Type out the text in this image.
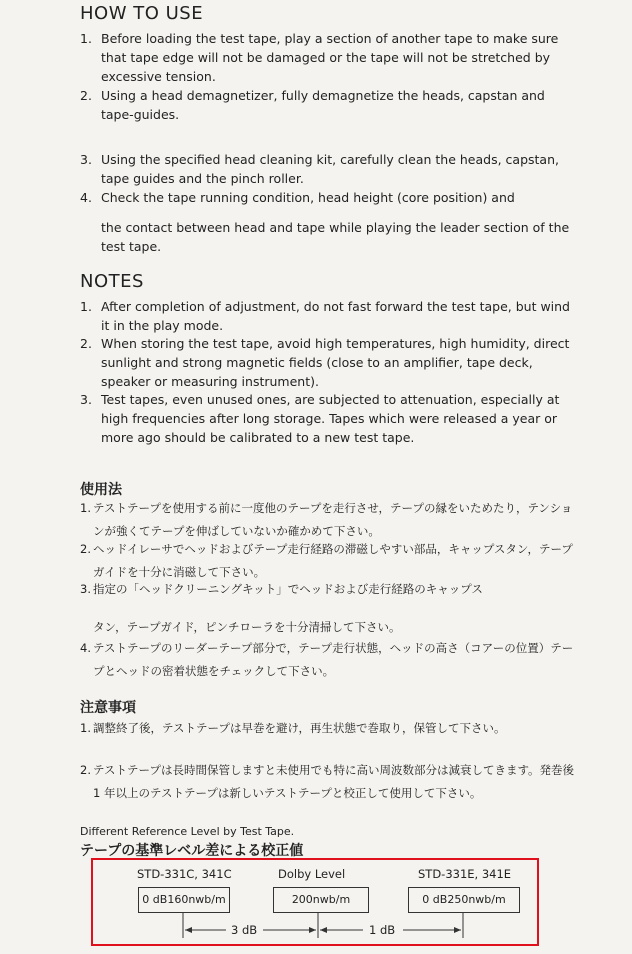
HOW TO USE
1. Before loading the test tape, play a section of another tape to make sure that tape edge will not be damaged or the tape will not be stretched by excessive tension.
2. Using a head demagnetizer, fully demagnetize the heads, capstan and tape-guides.
3. Using the specified head cleaning kit, carefully clean the heads, capstan, tape guides and the pinch roller.
4. Check the tape running condition, head height (core position) and
the contact between head and tape while playing the leader section of the test tape.
NOTES
1. After completion of adjustment, do not fast forward the test tape, but wind it in the play mode.
2. When storing the test tape, avoid high temperatures, high humidity, direct sunlight and strong magnetic fields (close to an amplifier, tape deck, speaker or measuring instrument).
3. Test tapes, even unused ones, are subjected to attenuation, especially at high frequencies after long storage. Tapes which were released a year or more ago should be calibrated to a new test tape.
使用法
1. テストテープを使用する前に一度他のテープを走行させ，テープの縁をいためたり，テンションが強くてテープを伸ばしていないか確かめて下さい。
2. ヘッドイレーサでヘッドおよびテープ走行経路の滞磁しやすい部品，キャップスタン，テープガイドを十分に消磁して下さい。
3. 指定の「ヘッドクリーニングキット」でヘッドおよび走行経路のキャップス
タン，テープガイド，ピンチローラを十分清掃して下さい。
4. テストテープのリーダーテープ部分で，テープ走行状態，ヘッドの高さ（コアーの位置）テープとヘッドの密着状態をチェックして下さい。
注意事項
1. 調整終了後，テストテープは早巻を避け，再生状態で巻取り，保管して下さい。
2. テストテープは長時間保管しますと未使用でも特に高い周波数部分は減衰してきます。発巻後 1 年以上のテストテープは新しいテストテープと校正して使用して下さい。
Different Reference Level by Test Tape.
テープの基準レベル差による校正値
STD-331C, 341C
0 dB160nwb/m
Dolby Level
200nwb/m
STD-331E, 341E
0 dB250nwb/m
3 dB	1 dB
